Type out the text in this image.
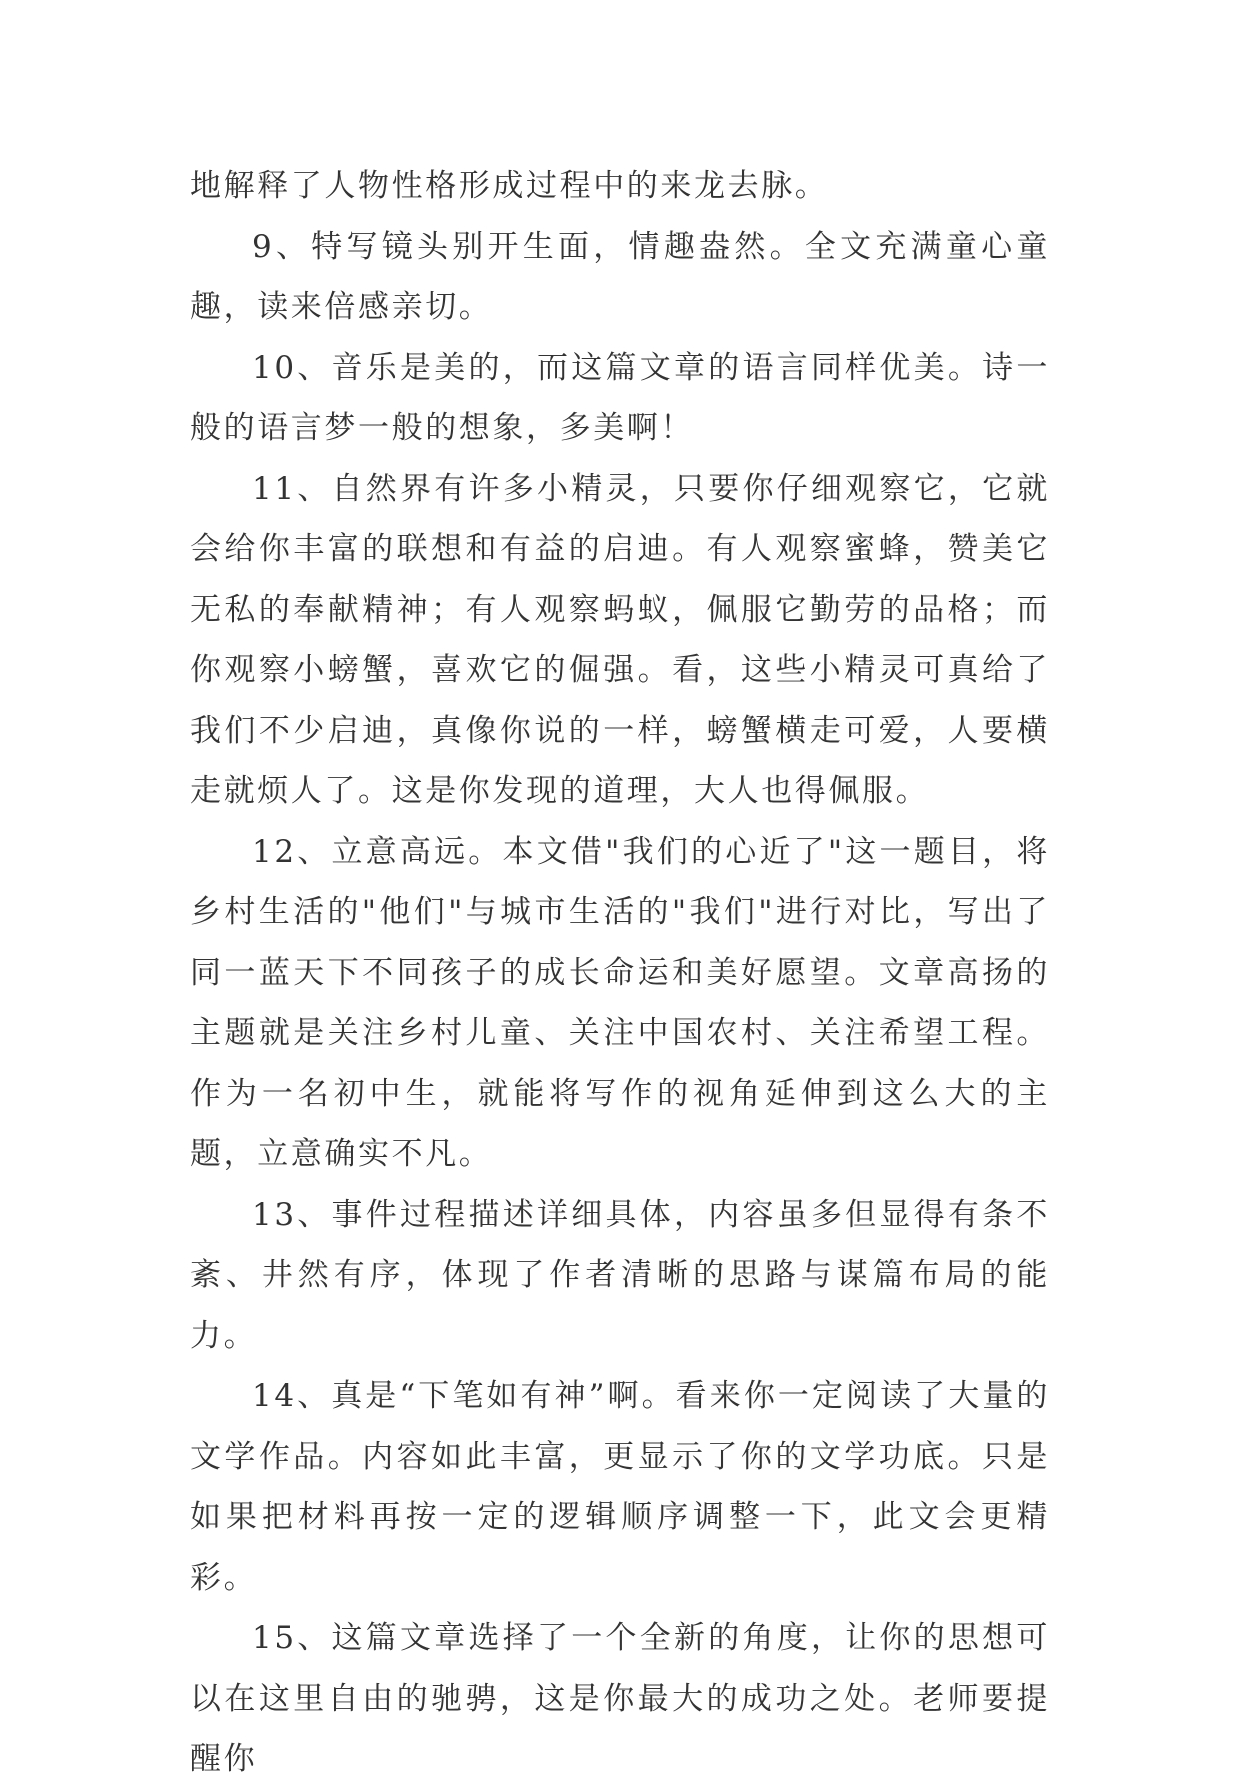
地解释了人物性格形成过程中的来龙去脉。

9、特写镜头别开生面，情趣盎然。全文充满童心童趣，读来倍感亲切。

10、音乐是美的，而这篇文章的语言同样优美。诗一般的语言梦一般的想象，多美啊！

11、自然界有许多小精灵，只要你仔细观察它，它就会给你丰富的联想和有益的启迪。有人观察蜜蜂，赞美它无私的奉献精神；有人观察蚂蚁，佩服它勤劳的品格；而你观察小螃蟹，喜欢它的倔强。看，这些小精灵可真给了我们不少启迪，真像你说的一样，螃蟹横走可爱，人要横走就烦人了。这是你发现的道理，大人也得佩服。

12、立意高远。本文借"我们的心近了"这一题目，将乡村生活的"他们"与城市生活的"我们"进行对比，写出了同一蓝天下不同孩子的成长命运和美好愿望。文章高扬的主题就是关注乡村儿童、关注中国农村、关注希望工程。作为一名初中生，就能将写作的视角延伸到这么大的主题，立意确实不凡。

13、事件过程描述详细具体，内容虽多但显得有条不紊、井然有序，体现了作者清晰的思路与谋篇布局的能力。

14、真是“下笔如有神”啊。看来你一定阅读了大量的文学作品。内容如此丰富，更显示了你的文学功底。只是如果把材料再按一定的逻辑顺序调整一下，此文会更精彩。

15、这篇文章选择了一个全新的角度，让你的思想可以在这里自由的驰骋，这是你最大的成功之处。老师要提醒你
